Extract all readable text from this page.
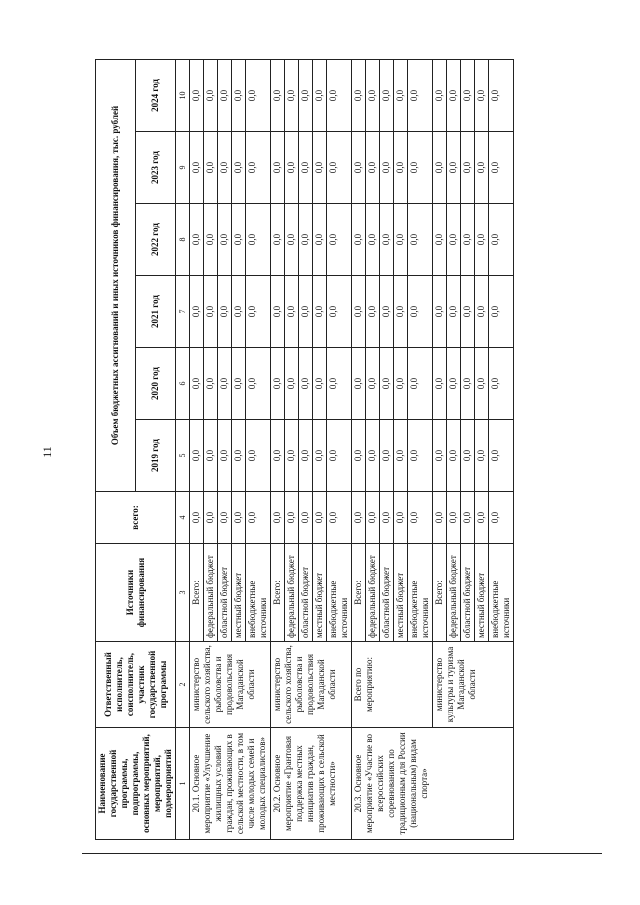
11
Наименование государственной программы, подпрограммы, основных мероприятий, мероприятий, подмероприятий	Ответственный исполнитель, соисполнитель, участник государственной программы	Источники финансирования	всего:	Объем бюджетных ассигнований и иных источников финансирования, тыс. рублей					
				2019 год	2020 год	2021 год	2022 год	2023 год	2024 год
1	2	3	4	5	6	7	8	9	10
20.1. Основное мероприятие «Улучшение жилищных условий граждан, проживающих в сельской местности, в том числе молодых семей и молодых специалистов»	министерство сельского хозяйства, рыболовства и продовольствия Магаданской области	Всего:	0,0	0,0	0,0	0,0	0,0	0,0	0,0
		федеральный бюджет	0,0	0,0	0,0	0,0	0,0	0,0	0,0
		областной бюджет	0,0	0,0	0,0	0,0	0,0	0,0	0,0
		местный бюджет	0,0	0,0	0,0	0,0	0,0	0,0	0,0
		внебюджетные источники	0,0	0,0	0,0	0,0	0,0	0,0	0,0
20.2. Основное мероприятие «Грантовая поддержка местных инициатив граждан, проживающих в сельской местности»	министерство сельского хозяйства, рыболовства и продовольствия Магаданской области	Всего:	0,0	0,0	0,0	0,0	0,0	0,0	0,0
		федеральный бюджет	0,0	0,0	0,0	0,0	0,0	0,0	0,0
		областной бюджет	0,0	0,0	0,0	0,0	0,0	0,0	0,0
		местный бюджет	0,0	0,0	0,0	0,0	0,0	0,0	0,0
		внебюджетные источники	0,0	0,0	0,0	0,0	0,0	0,0	0,0
20.3. Основное мероприятие «Участие во всероссийских соревнованиях по традиционным для России (национальным) видам спорта»	Всего по мероприятию:	Всего:	0,0	0,0	0,0	0,0	0,0	0,0	0,0
		федеральный бюджет	0,0	0,0	0,0	0,0	0,0	0,0	0,0
		областной бюджет	0,0	0,0	0,0	0,0	0,0	0,0	0,0
		местный бюджет	0,0	0,0	0,0	0,0	0,0	0,0	0,0
		внебюджетные источники	0,0	0,0	0,0	0,0	0,0	0,0	0,0
	министерство культуры и туризма Магаданской области	Всего:	0,0	0,0	0,0	0,0	0,0	0,0	0,0
		федеральный бюджет	0,0	0,0	0,0	0,0	0,0	0,0	0,0
		областной бюджет	0,0	0,0	0,0	0,0	0,0	0,0	0,0
		местный бюджет	0,0	0,0	0,0	0,0	0,0	0,0	0,0
		внебюджетные источники	0,0	0,0	0,0	0,0	0,0	0,0	0,0
